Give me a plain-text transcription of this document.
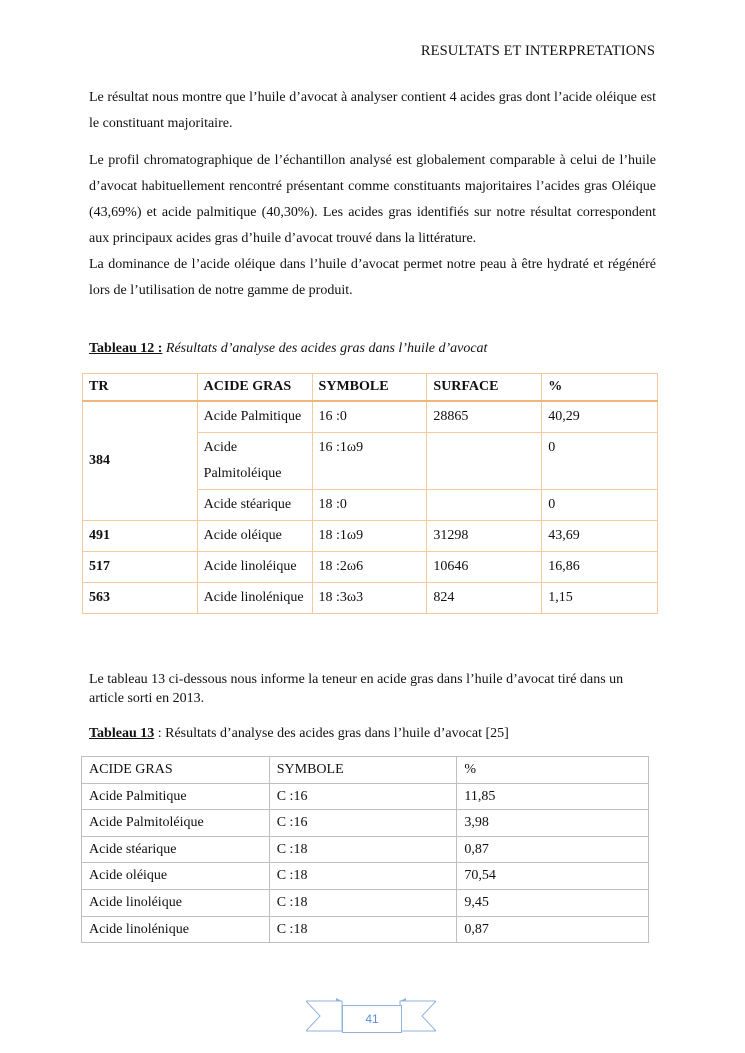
RESULTATS ET INTERPRETATIONS

Le résultat nous montre que l’huile d’avocat à analyser contient 4 acides gras dont l’acide oléique est le constituant majoritaire.

Le profil chromatographique de l’échantillon analysé est globalement comparable à celui de l’huile d’avocat habituellement rencontré présentant comme constituants majoritaires l’acides gras Oléique (43,69%) et acide palmitique (40,30%). Les acides gras identifiés sur notre résultat correspondent aux principaux acides gras d’huile d’avocat trouvé dans la littérature.

La dominance de l’acide oléique dans l’huile d’avocat permet notre peau à être hydraté et régénéré lors de l’utilisation de notre gamme de produit.

Tableau 12 : Résultats d’analyse des acides gras dans l’huile d’avocat
TR	ACIDE GRAS	SYMBOLE	SURFACE	%
384	Acide Palmitique	16 :0	28865	40,29
	Acide Palmitoléique	16 :1ω9		0
	Acide stéarique	18 :0		0
491	Acide oléique	18 :1ω9	31298	43,69
517	Acide linoléique	18 :2ω6	10646	16,86
563	Acide linolénique	18 :3ω3	824	1,15

Le tableau 13 ci-dessous nous informe la teneur en acide gras dans l’huile d’avocat tiré dans un article sorti en 2013.

Tableau 13 : Résultats d’analyse des acides gras dans l’huile d’avocat [25]
ACIDE GRAS	SYMBOLE	%
Acide Palmitique	C :16	11,85
Acide Palmitoléique	C :16	3,98
Acide stéarique	C :18	0,87
Acide oléique	C :18	70,54
Acide linoléique	C :18	9,45
Acide linolénique	C :18	0,87
41
